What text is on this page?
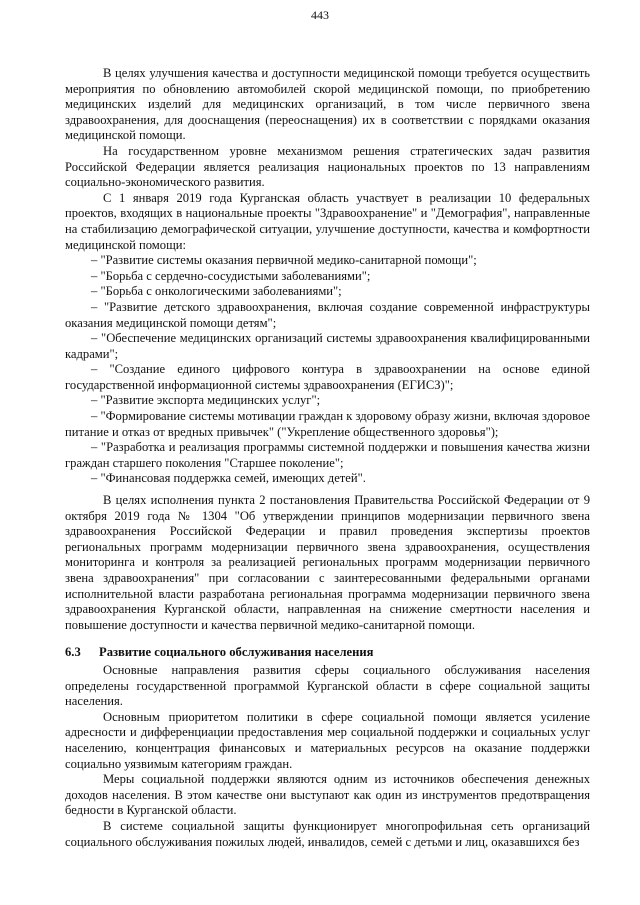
443

В целях улучшения качества и доступности медицинской помощи требуется осуществить мероприятия по обновлению автомобилей скорой медицинской помощи, по приобретению медицинских изделий для медицинских организаций, в том числе первичного звена здравоохранения, для дооснащения (переоснащения) их в соответствии с порядками оказания медицинской помощи.

На государственном уровне механизмом решения стратегических задач развития Российской Федерации является реализация национальных проектов по 13 направлениям социально-экономического развития.

С 1 января 2019 года Курганская область участвует в реализации 10 федеральных проектов, входящих в национальные проекты "Здравоохранение" и "Демография", направленные на стабилизацию демографической ситуации, улучшение доступности, качества и комфортности медицинской помощи:

– "Развитие системы оказания первичной медико-санитарной помощи";

– "Борьба с сердечно-сосудистыми заболеваниями";

– "Борьба с онкологическими заболеваниями";

– "Развитие детского здравоохранения, включая создание современной инфраструктуры оказания медицинской помощи детям";

– "Обеспечение медицинских организаций системы здравоохранения квалифицированными кадрами";

– "Создание единого цифрового контура в здравоохранении на основе единой государственной информационной системы здравоохранения (ЕГИСЗ)";

– "Развитие экспорта медицинских услуг";

– "Формирование системы мотивации граждан к здоровому образу жизни, включая здоровое питание и отказ от вредных привычек" ("Укрепление общественного здоровья");

– "Разработка и реализация программы системной поддержки и повышения качества жизни граждан старшего поколения "Старшее поколение";

– "Финансовая поддержка семей, имеющих детей".

В целях исполнения пункта 2 постановления Правительства Российской Федерации от 9 октября 2019 года № 1304 "Об утверждении принципов модернизации первичного звена здравоохранения Российской Федерации и правил проведения экспертизы проектов региональных программ модернизации первичного звена здравоохранения, осуществления мониторинга и контроля за реализацией региональных программ модернизации первичного звена здравоохранения" при согласовании с заинтересованными федеральными органами исполнительной власти разработана региональная программа модернизации первичного звена здравоохранения Курганской области, направленная на снижение смертности населения и повышение доступности и качества первичной медико-санитарной помощи.

6.3 Развитие социального обслуживания населения

Основные направления развития сферы социального обслуживания населения определены государственной программой Курганской области в сфере социальной защиты населения.

Основным приоритетом политики в сфере социальной помощи является усиление адресности и дифференциации предоставления мер социальной поддержки и социальных услуг населению, концентрация финансовых и материальных ресурсов на оказание поддержки социально уязвимым категориям граждан.

Меры социальной поддержки являются одним из источников обеспечения денежных доходов населения. В этом качестве они выступают как один из инструментов предотвращения бедности в Курганской области.

В системе социальной защиты функционирует многопрофильная сеть организаций социального обслуживания пожилых людей, инвалидов, семей с детьми и лиц, оказавшихся без
